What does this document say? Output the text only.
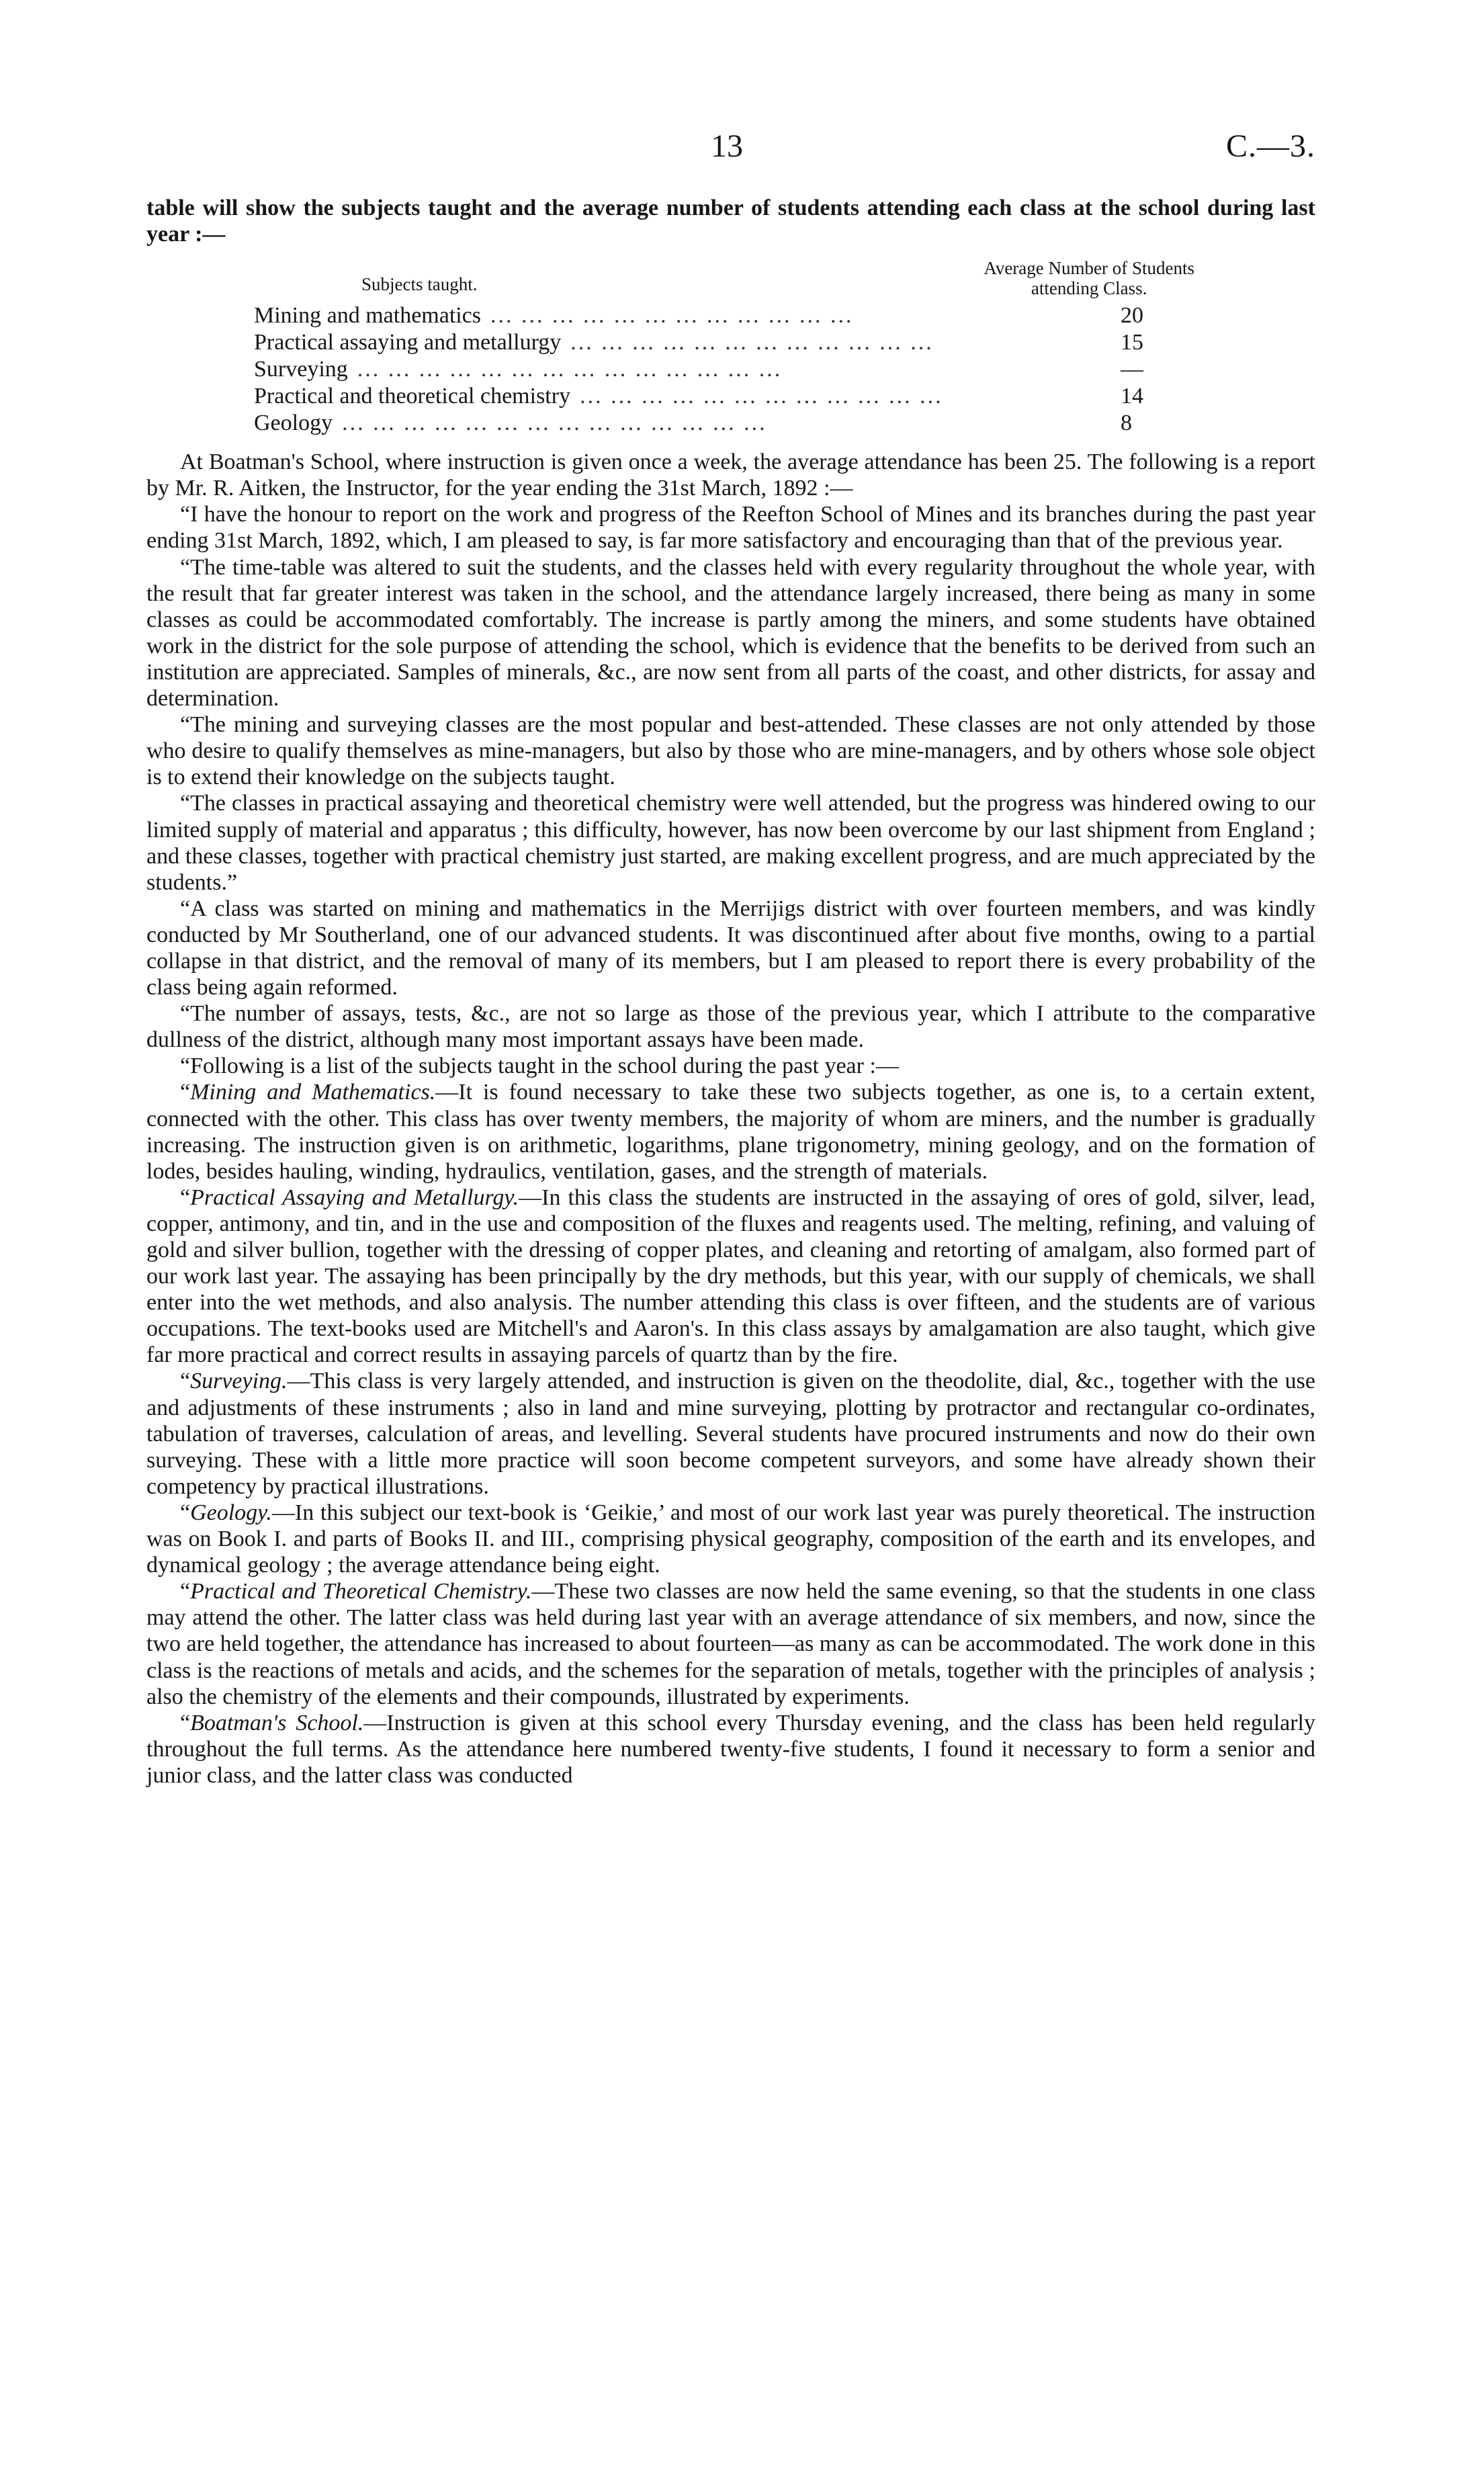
13	C.—3.

table will show the subjects taught and the average number of students attending each class at the school during last year :—

Subjects taught.
Average Number of Students
attending Class.
Mining and mathematics ... ... ... ... ... ... ... ... ... ... ... ...	20
Practical assaying and metallurgy ... ... ... ... ... ... ... ... ... ... ... ...	15
Surveying ... ... ... ... ... ... ... ... ... ... ... ... ... ...	—
Practical and theoretical chemistry ... ... ... ... ... ... ... ... ... ... ... ...	14
Geology ... ... ... ... ... ... ... ... ... ... ... ... ... ...	8

At Boatman's School, where instruction is given once a week, the average attendance has been 25. The following is a report by Mr. R. Aitken, the Instructor, for the year ending the 31st March, 1892 :—

“I have the honour to report on the work and progress of the Reefton School of Mines and its branches during the past year ending 31st March, 1892, which, I am pleased to say, is far more satisfactory and encouraging than that of the previous year.

“The time-table was altered to suit the students, and the classes held with every regularity throughout the whole year, with the result that far greater interest was taken in the school, and the attendance largely increased, there being as many in some classes as could be accommodated comfortably. The increase is partly among the miners, and some students have obtained work in the district for the sole purpose of attending the school, which is evidence that the benefits to be derived from such an institution are appreciated. Samples of minerals, &c., are now sent from all parts of the coast, and other districts, for assay and determination.

“The mining and surveying classes are the most popular and best-attended. These classes are not only attended by those who desire to qualify themselves as mine-managers, but also by those who are mine-managers, and by others whose sole object is to extend their knowledge on the subjects taught.

“The classes in practical assaying and theoretical chemistry were well attended, but the progress was hindered owing to our limited supply of material and apparatus ; this difficulty, however, has now been overcome by our last shipment from England ; and these classes, together with practical chemistry just started, are making excellent progress, and are much appreciated by the students.”

“A class was started on mining and mathematics in the Merrijigs district with over fourteen members, and was kindly conducted by Mr Southerland, one of our advanced students. It was discontinued after about five months, owing to a partial collapse in that district, and the removal of many of its members, but I am pleased to report there is every probability of the class being again reformed.

“The number of assays, tests, &c., are not so large as those of the previous year, which I attribute to the comparative dullness of the district, although many most important assays have been made.

“Following is a list of the subjects taught in the school during the past year :—

“Mining and Mathematics.—It is found necessary to take these two subjects together, as one is, to a certain extent, connected with the other. This class has over twenty members, the majority of whom are miners, and the number is gradually increasing. The instruction given is on arithmetic, logarithms, plane trigonometry, mining geology, and on the formation of lodes, besides hauling, winding, hydraulics, ventilation, gases, and the strength of materials.

“Practical Assaying and Metallurgy.—In this class the students are instructed in the assaying of ores of gold, silver, lead, copper, antimony, and tin, and in the use and composition of the fluxes and reagents used. The melting, refining, and valuing of gold and silver bullion, together with the dressing of copper plates, and cleaning and retorting of amalgam, also formed part of our work last year. The assaying has been principally by the dry methods, but this year, with our supply of chemicals, we shall enter into the wet methods, and also analysis. The number attending this class is over fifteen, and the students are of various occupations. The text-books used are Mitchell's and Aaron's. In this class assays by amalgamation are also taught, which give far more practical and correct results in assaying parcels of quartz than by the fire.

“Surveying.—This class is very largely attended, and instruction is given on the theodolite, dial, &c., together with the use and adjustments of these instruments ; also in land and mine surveying, plotting by protractor and rectangular co-ordinates, tabulation of traverses, calculation of areas, and levelling. Several students have procured instruments and now do their own surveying. These with a little more practice will soon become competent surveyors, and some have already shown their competency by practical illustrations.

“Geology.—In this subject our text-book is ‘Geikie,’ and most of our work last year was purely theoretical. The instruction was on Book I. and parts of Books II. and III., comprising physical geography, composition of the earth and its envelopes, and dynamical geology ; the average attendance being eight.

“Practical and Theoretical Chemistry.—These two classes are now held the same evening, so that the students in one class may attend the other. The latter class was held during last year with an average attendance of six members, and now, since the two are held together, the attendance has increased to about fourteen—as many as can be accommodated. The work done in this class is the reactions of metals and acids, and the schemes for the separation of metals, together with the principles of analysis ; also the chemistry of the elements and their compounds, illustrated by experiments.

“Boatman's School.—Instruction is given at this school every Thursday evening, and the class has been held regularly throughout the full terms. As the attendance here numbered twenty-five students, I found it necessary to form a senior and junior class, and the latter class was conducted
